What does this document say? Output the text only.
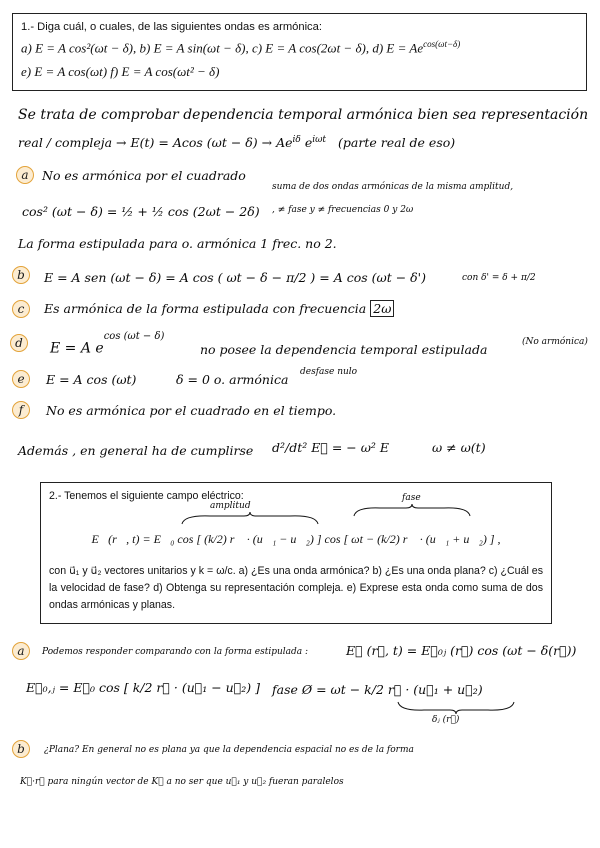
1.- Diga cuál, o cuales, de las siguientes ondas es armónica:
a) E = A cos²(ωt − δ), b) E = A sin(ωt − δ), c) E = A cos(2ωt − δ), d) $E = Ae^{cos(\omega t-\delta)}$
e) E = A cos(ωt) f) E = A cos(ωt² − δ)
Se trata de comprobar dependencia temporal armónica bien sea representación
real / compleja → E(t) = Acos $(\omega t - \delta) \to Ae^{i\delta}$ $e^{i\omega t}$ (parte real de eso)
a	No es armónica por el cuadrado
suma de dos ondas armónicas de la misma amplitud,
cos² (ωt − δ) = ½ + ½ cos (2ωt − 2δ) , ≠ fase y ≠ frecuencias 0 y 2ω
La forma estipulada para o. armónica 1 frec. no 2.
b	E = A sen (ωt − δ) = A cos ( ωt − δ − π/2 ) = A cos (ωt − δ')	con δ' = δ + π/2
c	Es armónica de la forma estipulada con frecuencia 2ω
d	E = A $e^{cos (\omega t - \delta)}$
no posee la dependencia temporal estipulada	(No armónica)
e	E = A cos (ωt)	δ = 0 o. armónica desfase nulo
f	No es armónica por el cuadrado en el tiempo.
Además , en general ha de cumplirse d²/dt² E⃗ = − ω² E	ω ≠ ω(t)
2.- Tenemos el siguiente campo eléctrico:
E⃗(r⃗, t) = E⃗₀ cos [ (k/2) r⃗ · (u⃗₁ − u⃗₂) ] cos [ ωt − (k/2) r⃗ · (u⃗₁ + u⃗₂) ] ,
con u⃗₁ y u⃗₂ vectores unitarios y k = ω/c. a) ¿Es una onda armónica? b) ¿Es una onda plana? c) ¿Cuál es la velocidad de fase? d) Obtenga su representación compleja. e) Exprese esta onda como suma de dos ondas armónicas y planas.
amplitud
fase
a	Podemos responder comparando con la forma estipulada :	E⃗ (r⃗, t) = E⃗₀ⱼ (r⃗) cos (ωt − δ(r⃗))
E⃗₀,ⱼ = E⃗₀ cos [ k/2 r⃗ · (u⃗₁ − u⃗₂) ] fase Ø = ωt − k/2 r⃗ · (u⃗₁ + u⃗₂)
δⱼ (r⃗)
b	¿Plana? En general no es plana ya que la dependencia espacial no es de la forma
K⃗·r⃗ para ningún vector de K⃗ a no ser que u⃗₁ y u⃗₂ fueran paralelos
